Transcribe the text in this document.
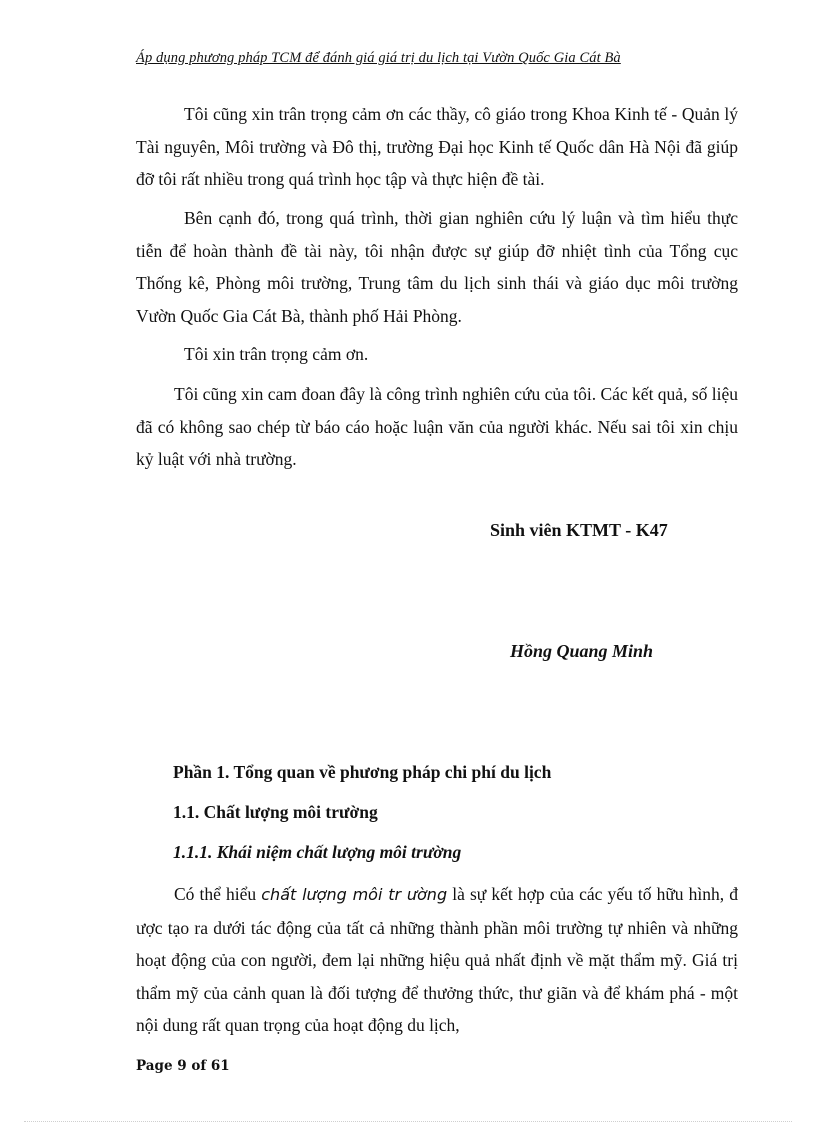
Áp dụng phương pháp TCM để đánh giá giá trị du lịch tại Vườn Quốc Gia Cát Bà

Tôi cũng xin trân trọng cảm ơn các thầy, cô giáo trong Khoa Kinh tế - Quản lý Tài nguyên, Môi trường và Đô thị, trường Đại học Kinh tế Quốc dân Hà Nội đã giúp đỡ tôi rất nhiều trong quá trình học tập và thực hiện đề tài.

Bên cạnh đó, trong quá trình, thời gian nghiên cứu lý luận và tìm hiểu thực tiễn để hoàn thành đề tài này, tôi nhận được sự giúp đỡ nhiệt tình của Tổng cục Thống kê, Phòng môi trường, Trung tâm du lịch sinh thái và giáo dục môi trường Vườn Quốc Gia Cát Bà, thành phố Hải Phòng.

Tôi xin trân trọng cảm ơn.

Tôi cũng xin cam đoan đây là công trình nghiên cứu của tôi. Các kết quả, số liệu đã có không sao chép từ báo cáo hoặc luận văn của người khác. Nếu sai tôi xin chịu kỷ luật với nhà trường.

Sinh viên KTMT - K47
Hồng Quang Minh
Phần 1. Tổng quan về phương pháp chi phí du lịch
1.1. Chất lượng môi trường
1.1.1. Khái niệm chất lượng môi trường

Có thể hiểu chất lượng môi tr ường là sự kết hợp của các yếu tố hữu hình, đ ược tạo ra dưới tác động của tất cả những thành phần môi trường tự nhiên và những hoạt động của con người, đem lại những hiệu quả nhất định về mặt thẩm mỹ. Giá trị thẩm mỹ của cảnh quan là đối tượng để thưởng thức, thư giãn và để khám phá - một nội dung rất quan trọng của hoạt động du lịch,

Page 9 of 61
